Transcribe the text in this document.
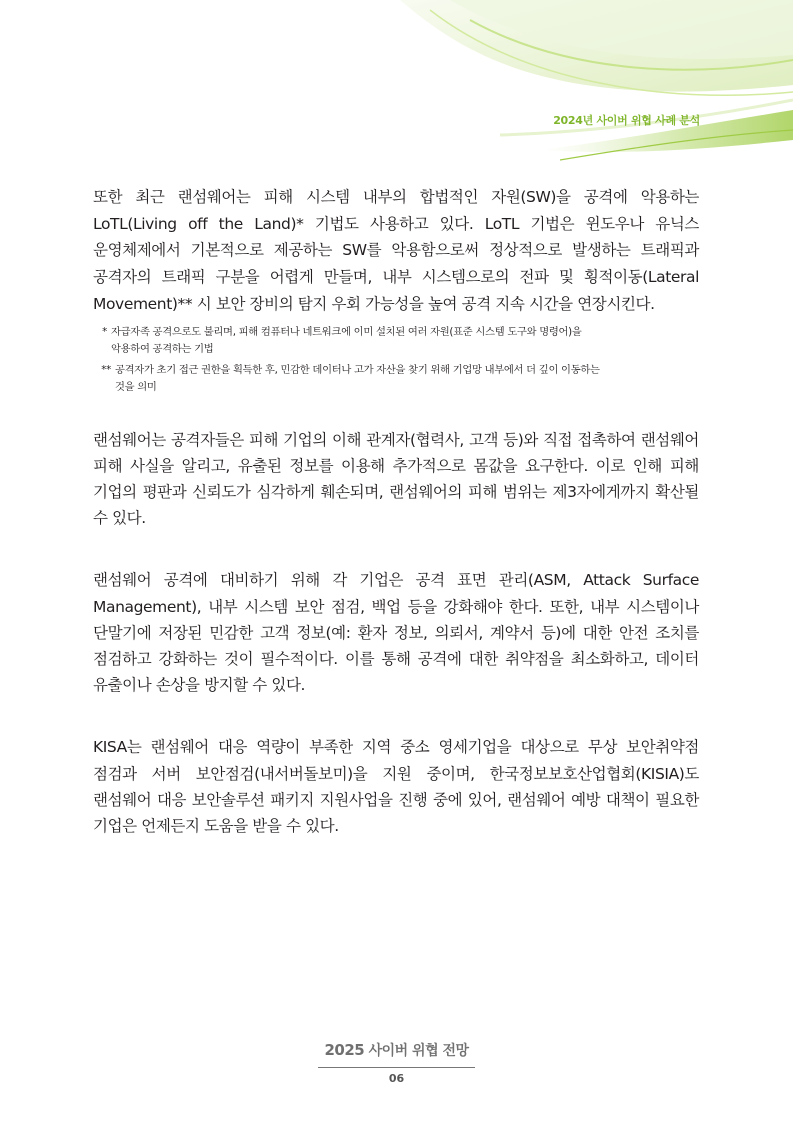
2024년 사이버 위협 사례 분석

또한 최근 랜섬웨어는 피해 시스템 내부의 합법적인 자원(SW)을 공격에 악용하는 LoTL(Living off the Land)* 기법도 사용하고 있다. LoTL 기법은 윈도우나 유닉스 운영체제에서 기본적으로 제공하는 SW를 악용함으로써 정상적으로 발생하는 트래픽과 공격자의 트래픽 구분을 어렵게 만들며, 내부 시스템으로의 전파 및 횡적이동(Lateral Movement)** 시 보안 장비의 탐지 우회 가능성을 높여 공격 지속 시간을 연장시킨다.

* 자급자족 공격으로도 불리며, 피해 컴퓨터나 네트워크에 이미 설치된 여러 자원(표준 시스템 도구와 명령어)을
악용하여 공격하는 기법
** 공격자가 초기 접근 권한을 획득한 후, 민감한 데이터나 고가 자산을 찾기 위해 기업망 내부에서 더 깊이 이동하는
것을 의미

랜섬웨어는 공격자들은 피해 기업의 이해 관계자(협력사, 고객 등)와 직접 접촉하여 랜섬웨어 피해 사실을 알리고, 유출된 정보를 이용해 추가적으로 몸값을 요구한다. 이로 인해 피해 기업의 평판과 신뢰도가 심각하게 훼손되며, 랜섬웨어의 피해 범위는 제3자에게까지 확산될 수 있다.

랜섬웨어 공격에 대비하기 위해 각 기업은 공격 표면 관리(ASM, Attack Surface Management), 내부 시스템 보안 점검, 백업 등을 강화해야 한다. 또한, 내부 시스템이나 단말기에 저장된 민감한 고객 정보(예: 환자 정보, 의뢰서, 계약서 등)에 대한 안전 조치를 점검하고 강화하는 것이 필수적이다. 이를 통해 공격에 대한 취약점을 최소화하고, 데이터 유출이나 손상을 방지할 수 있다.

KISA는 랜섬웨어 대응 역량이 부족한 지역 중소 영세기업을 대상으로 무상 보안취약점 점검과 서버 보안점검(내서버돌보미)을 지원 중이며, 한국정보보호산업협회(KISIA)도 랜섬웨어 대응 보안솔루션 패키지 지원사업을 진행 중에 있어, 랜섬웨어 예방 대책이 필요한 기업은 언제든지 도움을 받을 수 있다.

2025 사이버 위협 전망
06
